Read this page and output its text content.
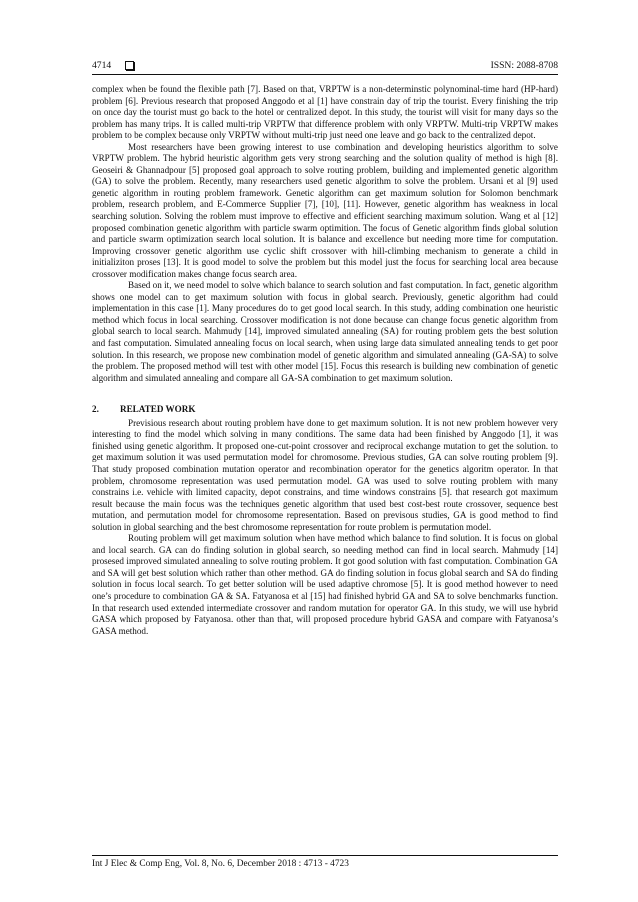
4714	ISSN: 2088-8708

complex when be found the flexible path [7]. Based on that, VRPTW is a non-determinstic polynominal-time hard (HP-hard) problem [6]. Previous research that proposed Anggodo et al [1] have constrain day of trip the tourist. Every finishing the trip on once day the tourist must go back to the hotel or centralized depot. In this study, the tourist will visit for many days so the problem has many trips. It is called multi-trip VRPTW that difference problem with only VRPTW. Multi-trip VRPTW makes problem to be complex because only VRPTW without multi-trip just need one leave and go back to the centralized depot.

Most researchers have been growing interest to use combination and developing heuristics algorithm to solve VRPTW problem. The hybrid heuristic algorithm gets very strong searching and the solution quality of method is high [8]. Geoseiri & Ghannadpour [5] proposed goal approach to solve routing problem, building and implemented genetic algorithm (GA) to solve the problem. Recently, many researchers used genetic algorithm to solve the problem. Ursani et al [9] used genetic algorithm in routing problem framework. Genetic algorithm can get maximum solution for Solomon benchmark problem, research problem, and E-Commerce Supplier [7], [10], [11]. However, genetic algorithm has weakness in local searching solution. Solving the roblem must improve to effective and efficient searching maximum solution. Wang et al [12] proposed combination genetic algorithm with particle swarm optimition. The focus of Genetic algorithm finds global solution and particle swarm optimization search local solution. It is balance and excellence but needing more time for computation. Improving crossover genetic algorithm use cyclic shift crossover with hill-climbing mechanism to generate a child in initializiton proses [13]. It is good model to solve the problem but this model just the focus for searching local area because crossover modification makes change focus search area.

Based on it, we need model to solve which balance to search solution and fast computation. In fact, genetic algorithm shows one model can to get maximum solution with focus in global search. Previously, genetic algorithm had could implementation in this case [1]. Many procedures do to get good local search. In this study, adding combination one heuristic method which focus in local searching. Crossover modification is not done because can change focus genetic algorithm from global search to local search. Mahmudy [14], improved simulated annealing (SA) for routing problem gets the best solution and fast computation. Simulated annealing focus on local search, when using large data simulated annealing tends to get poor solution. In this research, we propose new combination model of genetic algorithm and simulated annealing (GA-SA) to solve the problem. The proposed method will test with other model [15]. Focus this research is building new combination of genetic algorithm and simulated annealing and compare all GA-SA combination to get maximum solution.

2. RELATED WORK

Previsious research about routing problem have done to get maximum solution. It is not new problem however very interesting to find the model which solving in many conditions. The same data had been finished by Anggodo [1], it was finished using genetic algorithm. It proposed one-cut-point crossover and reciprocal exchange mutation to get the solution. to get maximum solution it was used permutation model for chromosome. Previous studies, GA can solve routing problem [9]. That study proposed combination mutation operator and recombination operator for the genetics algoritm operator. In that problem, chromosome representation was used permutation model. GA was used to solve routing problem with many constrains i.e. vehicle with limited capacity, depot constrains, and time windows constrains [5]. that research got maximum result because the main focus was the techniques genetic algorithm that used best cost-best route crossover, sequence best mutation, and permutation model for chromosome representation. Based on previsous studies, GA is good method to find solution in global searching and the best chromosome representation for route problem is permutation model.

Routing problem will get maximum solution when have method which balance to find solution. It is focus on global and local search. GA can do finding solution in global search, so needing method can find in local search. Mahmudy [14] prosesed improved simulated annealing to solve routing problem. It got good solution with fast computation. Combination GA and SA will get best solution which rather than other method. GA do finding solution in focus global search and SA do finding solution in focus local search. To get better solution will be used adaptive chromose [5]. It is good method however to need one’s procedure to combination GA & SA. Fatyanosa et al [15] had finished hybrid GA and SA to solve benchmarks function. In that research used extended intermediate crossover and random mutation for operator GA. In this study, we will use hybrid GASA which proposed by Fatyanosa. other than that, will proposed procedure hybrid GASA and compare with Fatyanosa’s GASA method.

Int J Elec & Comp Eng, Vol. 8, No. 6, December 2018 : 4713 - 4723
